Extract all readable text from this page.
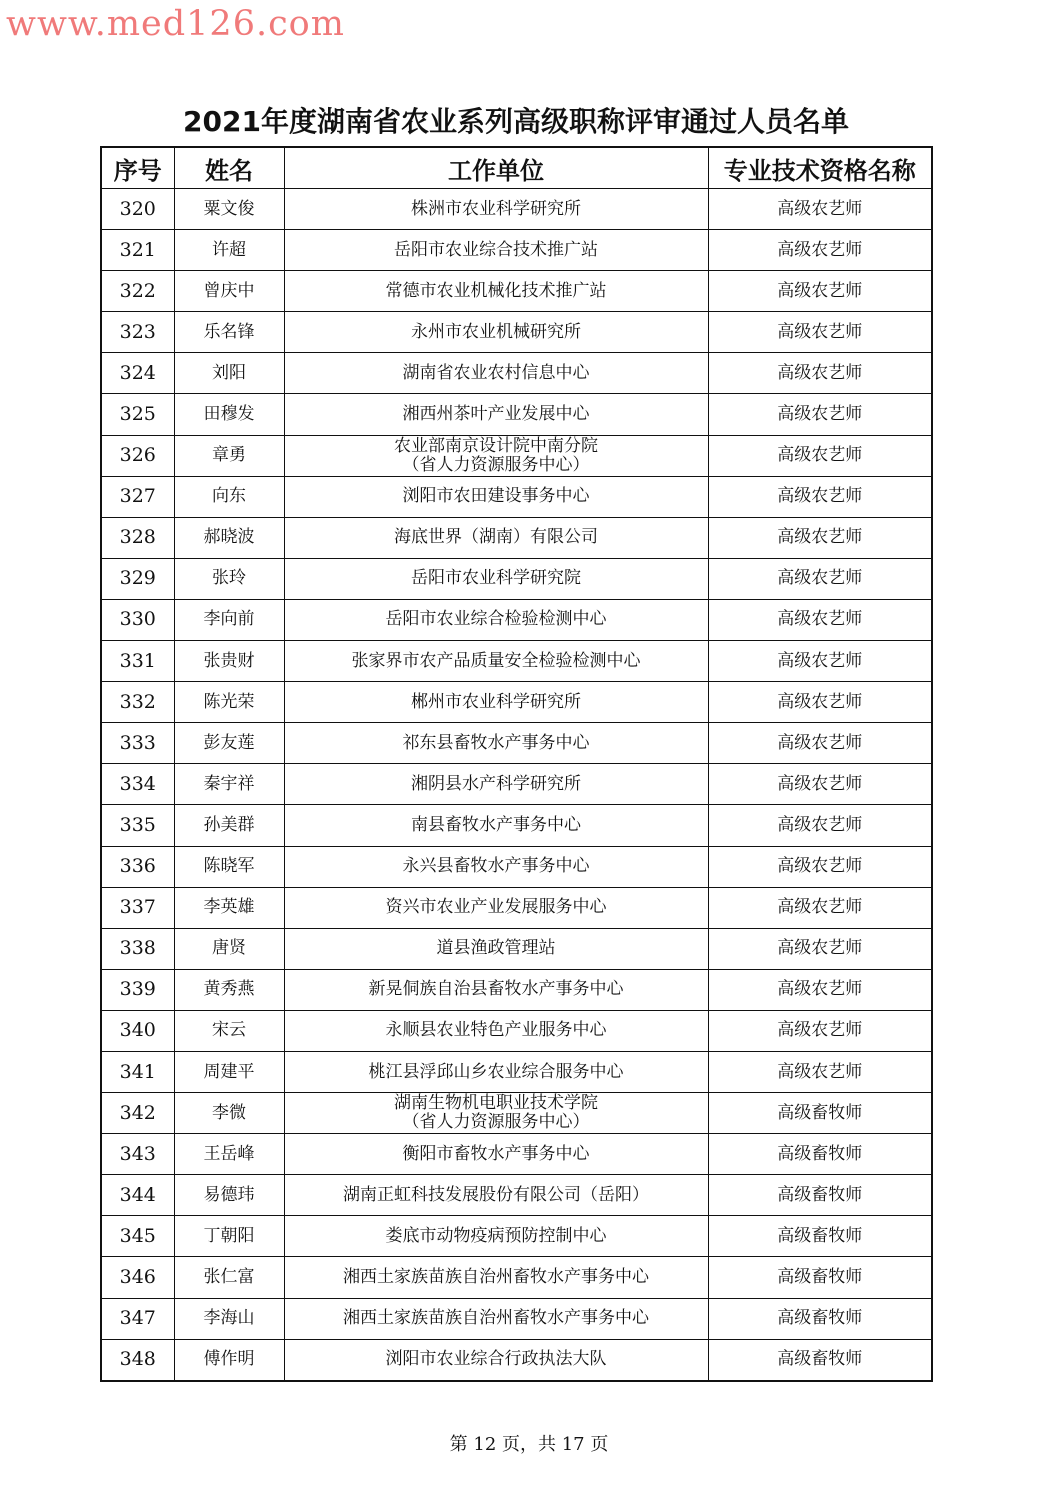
www.med126.com
2021年度湖南省农业系列高级职称评审通过人员名单
序号	姓名	工作单位	专业技术资格名称
320	粟文俊	株洲市农业科学研究所	高级农艺师
321	许超	岳阳市农业综合技术推广站	高级农艺师
322	曾庆中	常德市农业机械化技术推广站	高级农艺师
323	乐名锋	永州市农业机械研究所	高级农艺师
324	刘阳	湖南省农业农村信息中心	高级农艺师
325	田穆发	湘西州茶叶产业发展中心	高级农艺师
326	章勇	农业部南京设计院中南分院
（省人力资源服务中心）	高级农艺师
327	向东	浏阳市农田建设事务中心	高级农艺师
328	郝晓波	海底世界（湖南）有限公司	高级农艺师
329	张玲	岳阳市农业科学研究院	高级农艺师
330	李向前	岳阳市农业综合检验检测中心	高级农艺师
331	张贵财	张家界市农产品质量安全检验检测中心	高级农艺师
332	陈光荣	郴州市农业科学研究所	高级农艺师
333	彭友莲	祁东县畜牧水产事务中心	高级农艺师
334	秦宇祥	湘阴县水产科学研究所	高级农艺师
335	孙美群	南县畜牧水产事务中心	高级农艺师
336	陈晓军	永兴县畜牧水产事务中心	高级农艺师
337	李英雄	资兴市农业产业发展服务中心	高级农艺师
338	唐贤	道县渔政管理站	高级农艺师
339	黄秀燕	新晃侗族自治县畜牧水产事务中心	高级农艺师
340	宋云	永顺县农业特色产业服务中心	高级农艺师
341	周建平	桃江县浮邱山乡农业综合服务中心	高级农艺师
342	李微	湖南生物机电职业技术学院
（省人力资源服务中心）	高级畜牧师
343	王岳峰	衡阳市畜牧水产事务中心	高级畜牧师
344	易德玮	湖南正虹科技发展股份有限公司（岳阳）	高级畜牧师
345	丁朝阳	娄底市动物疫病预防控制中心	高级畜牧师
346	张仁富	湘西土家族苗族自治州畜牧水产事务中心	高级畜牧师
347	李海山	湘西土家族苗族自治州畜牧水产事务中心	高级畜牧师
348	傅作明	浏阳市农业综合行政执法大队	高级畜牧师
第 12 页，共 17 页
